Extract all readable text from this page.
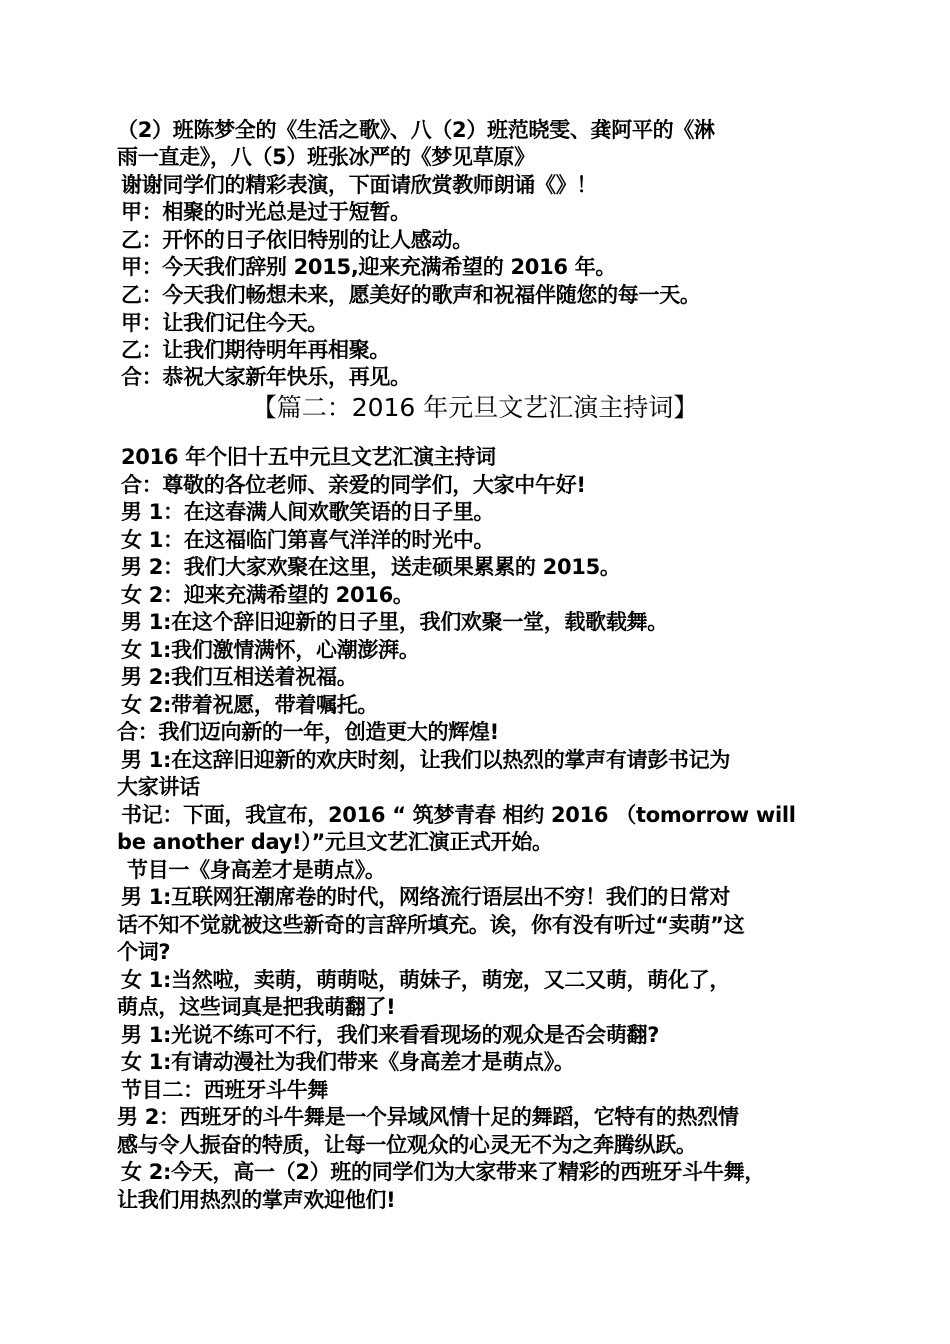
（2）班陈梦全的《生活之歌》、八（2）班范晓雯、龚阿平的《淋
雨一直走》，八（5）班张冰严的《梦见草原》
谢谢同学们的精彩表演，下面请欣赏教师朗诵《》！
甲：相聚的时光总是过于短暂。
乙：开怀的日子依旧特别的让人感动。
甲：今天我们辞别 2015,迎来充满希望的 2016 年。
乙：今天我们畅想未来，愿美好的歌声和祝福伴随您的每一天。
甲：让我们记住今天。
乙：让我们期待明年再相聚。
合：恭祝大家新年快乐，再见。
【篇二：2016 年元旦文艺汇演主持词】
2016 年个旧十五中元旦文艺汇演主持词
合：尊敬的各位老师、亲爱的同学们，大家中午好!
男 1：在这春满人间欢歌笑语的日子里。
女 1：在这福临门第喜气洋洋的时光中。
男 2：我们大家欢聚在这里，送走硕果累累的 2015。
女 2：迎来充满希望的 2016。
男 1:在这个辞旧迎新的日子里，我们欢聚一堂，载歌载舞。
女 1:我们激情满怀，心潮澎湃。
男 2:我们互相送着祝福。
女 2:带着祝愿，带着嘱托。
合：我们迈向新的一年，创造更大的辉煌!
男 1:在这辞旧迎新的欢庆时刻，让我们以热烈的掌声有请彭书记为
大家讲话
书记：下面，我宣布，2016 “ 筑梦青春 相约 2016 （tomorrow will
be another day!）”元旦文艺汇演正式开始。
节目一《身高差才是萌点》。
男 1:互联网狂潮席卷的时代，网络流行语层出不穷！我们的日常对
话不知不觉就被这些新奇的言辞所填充。诶，你有没有听过“卖萌”这
个词?
女 1:当然啦，卖萌，萌萌哒，萌妹子，萌宠，又二又萌，萌化了，
萌点，这些词真是把我萌翻了!
男 1:光说不练可不行，我们来看看现场的观众是否会萌翻?
女 1:有请动漫社为我们带来《身高差才是萌点》。
节目二：西班牙斗牛舞
男 2：西班牙的斗牛舞是一个异域风情十足的舞蹈，它特有的热烈情
感与令人振奋的特质，让每一位观众的心灵无不为之奔腾纵跃。
女 2:今天，高一（2）班的同学们为大家带来了精彩的西班牙斗牛舞，
让我们用热烈的掌声欢迎他们!
